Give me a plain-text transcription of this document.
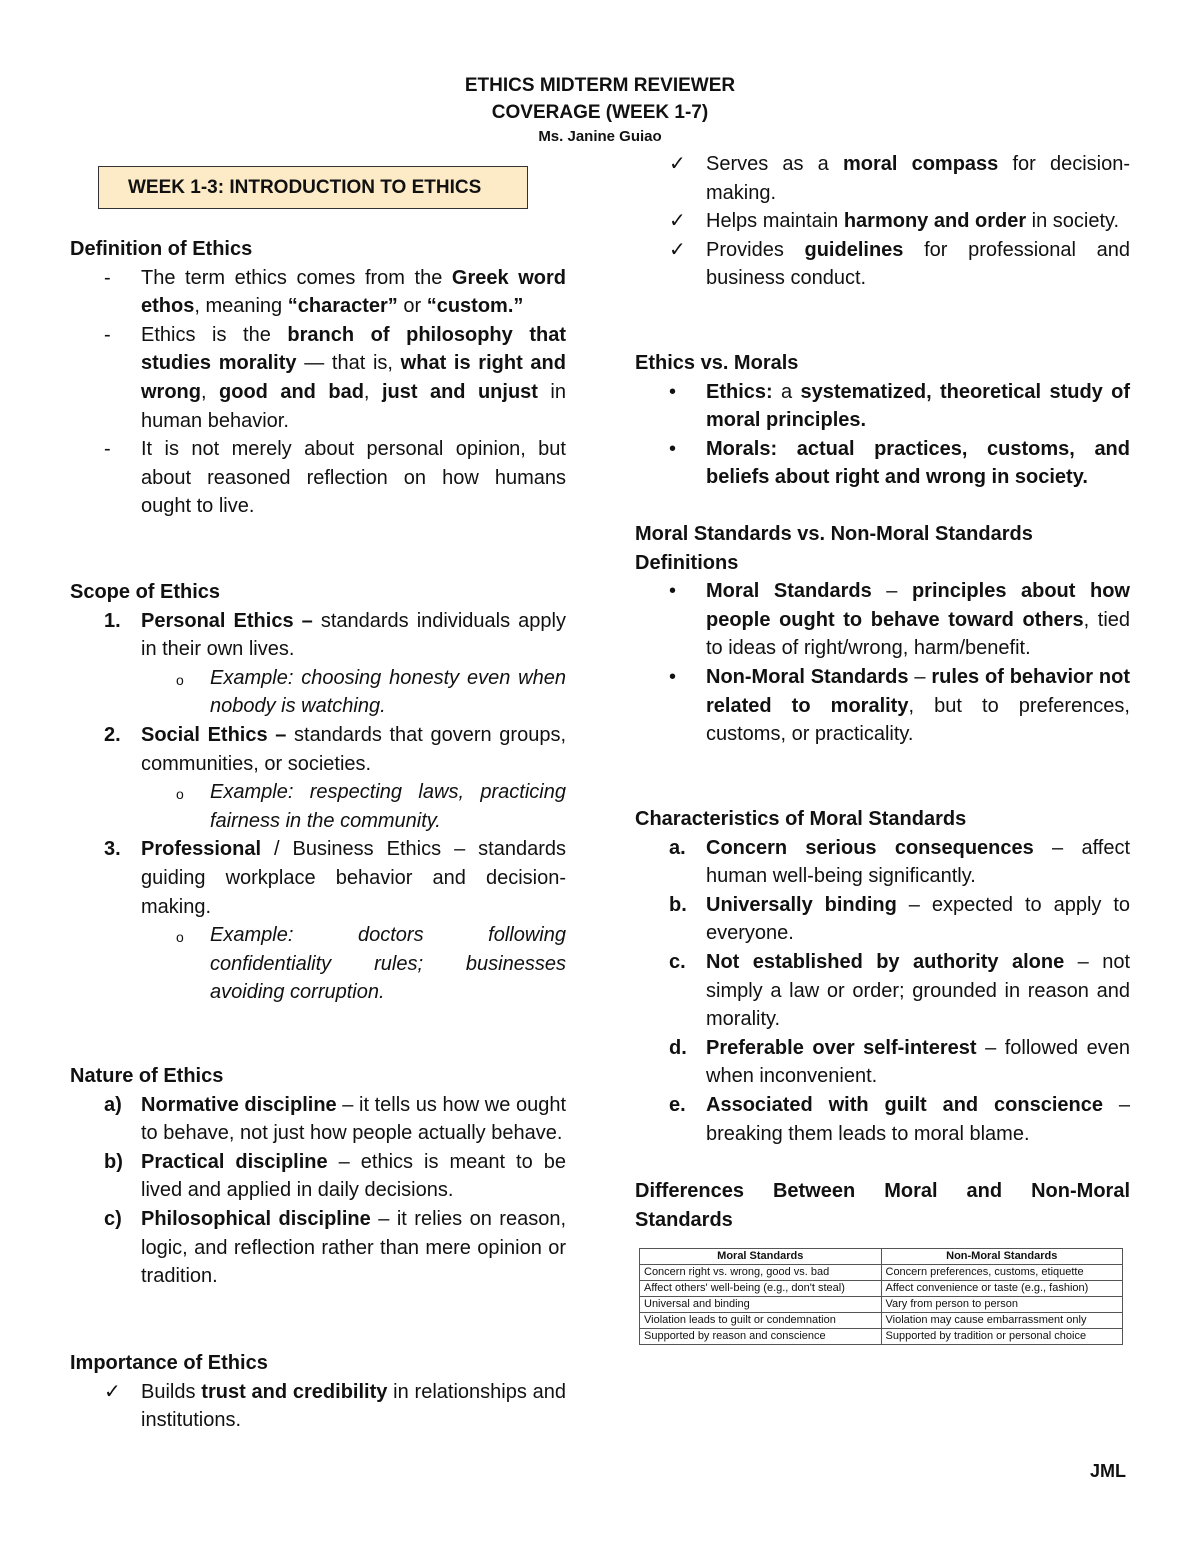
ETHICS MIDTERM REVIEWER
COVERAGE (WEEK 1-7)
Ms. Janine Guiao
WEEK 1-3: INTRODUCTION TO ETHICS
Definition of Ethics
-	The term ethics comes from the Greek word ethos, meaning “character” or “custom.”
-	Ethics is the branch of philosophy that studies morality — that is, what is right and wrong, good and bad, just and unjust in human behavior.
-	It is not merely about personal opinion, but about reasoned reflection on how humans ought to live.
Scope of Ethics
1.	Personal Ethics – standards individuals apply in their own lives.
o Example: choosing honesty even when nobody is watching.
2.	Social Ethics – standards that govern groups, communities, or societies.
o Example: respecting laws, practicing fairness in the community.
3.	Professional / Business Ethics – standards guiding workplace behavior and decision-making.
o Example: doctors following confidentiality rules; businesses avoiding corruption.
Nature of Ethics
a) Normative discipline – it tells us how we ought to behave, not just how people actually behave.
b) Practical discipline – ethics is meant to be lived and applied in daily decisions.
c) Philosophical discipline – it relies on reason, logic, and reflection rather than mere opinion or tradition.
Importance of Ethics
✓	Builds trust and credibility in relationships and institutions.
✓	Serves as a moral compass for decision-making.
✓	Helps maintain harmony and order in society.
✓	Provides guidelines for professional and business conduct.
Ethics vs. Morals
•	Ethics: a systematized, theoretical study of moral principles.
•	Morals: actual practices, customs, and beliefs about right and wrong in society.
Moral Standards vs. Non-Moral Standards
Definitions
•	Moral Standards – principles about how people ought to behave toward others, tied to ideas of right/wrong, harm/benefit.
•	Non-Moral Standards – rules of behavior not related to morality, but to preferences, customs, or practicality.
Characteristics of Moral Standards
a.	Concern serious consequences – affect human well-being significantly.
b. Universally binding – expected to apply to everyone.
c.	Not established by authority alone – not simply a law or order; grounded in reason and morality.
d. Preferable over self-interest – followed even when inconvenient.
e.	Associated with guilt and conscience – breaking them leads to moral blame.
Differences Between Moral and Non-Moral Standards
Moral Standards	Non-Moral Standards
Concern right vs. wrong, good vs. bad	Concern preferences, customs, etiquette
Affect others' well-being (e.g., don't steal)	Affect convenience or taste (e.g., fashion)
Universal and binding	Vary from person to person
Violation leads to guilt or condemnation	Violation may cause embarrassment only
Supported by reason and conscience	Supported by tradition or personal choice
JML
